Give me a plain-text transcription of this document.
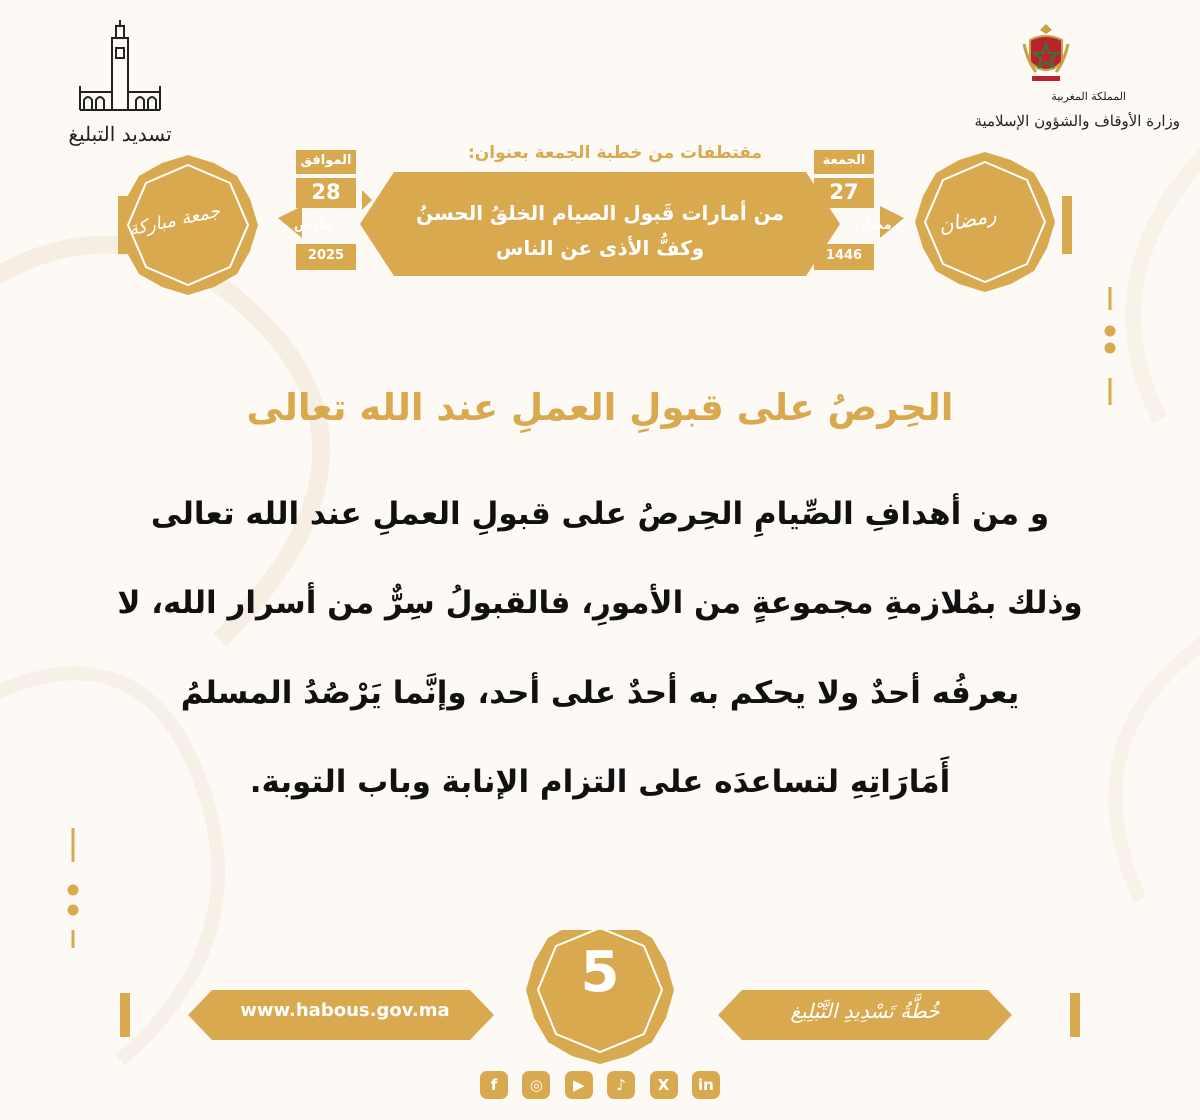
تسديد التبليغ
المملكة المغربية
وزارة الأوقاف والشؤون الإسلامية
مقتطفات من خطبة الجمعة بعنوان:
من أمارات قَبول الصيام الخلقُ الحسنُ
وكفُّ الأذى عن الناس
الجمعة
27
رمضان
1446
الموافق
28
مارس
2025
رمضان
جمعة مباركة
الحِرصُ على قبولِ العملِ عند الله تعالى
و من أهدافِ الصِّيامِ الحِرصُ على قبولِ العملِ عند الله تعالى
وذلك بمُلازمةِ مجموعةٍ من الأمورِ، فالقبولُ سِرٌّ من أسرار الله، لا
يعرفُه أحدٌ ولا يحكم به أحدٌ على أحد، وإنَّما يَرْصُدُ المسلمُ
أَمَارَاتِهِ لتساعدَه على التزام الإنابة وباب التوبة.
www.habous.gov.ma
5
خُطَّةُ تَسْدِيدِ التَّبْلِيغ
f	◎	▶	♪	X	in
